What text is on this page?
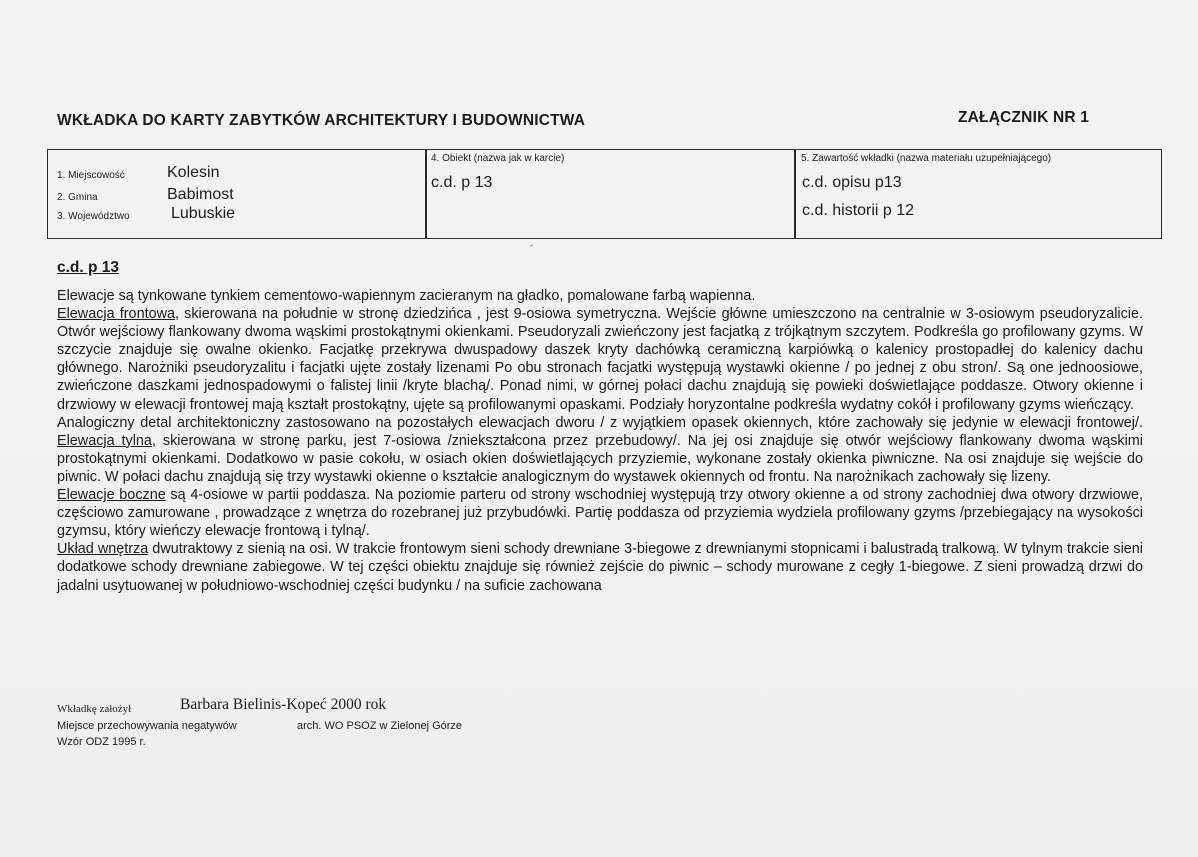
WKŁADKA DO KARTY ZABYTKÓW ARCHITEKTURY I BUDOWNICTWA	ZAŁĄCZNIK NR 1
1. Miejscowość	Kolesin
2. Gmina	Babimost
3. Województwo	Lubuskie
4. Obiekt (nazwa jak w karcie)
c.d. p 13
5. Zawartość wkładki (nazwa materiału uzupełniającego)
c.d. opisu p13
c.d. historii p 12
c.d. p 13

Elewacje są tynkowane tynkiem cementowo-wapiennym zacieranym na gładko, pomalowane farbą wapienna.

Elewacja frontowa, skierowana na południe w stronę dziedzińca , jest 9-osiowa symetryczna. Wejście główne umieszczono na centralnie w 3-osiowym pseudoryzalicie. Otwór wejściowy flankowany dwoma wąskimi prostokątnymi okienkami. Pseudoryzali zwieńczony jest facjatką z trójkątnym szczytem. Podkreśla go profilowany gzyms. W szczycie znajduje się owalne okienko. Facjatkę przekrywa dwuspadowy daszek kryty dachówką ceramiczną karpiówką o kalenicy prostopadłej do kalenicy dachu głównego. Narożniki pseudoryzalitu i facjatki ujęte zostały lizenami Po obu stronach facjatki występują wystawki okienne / po jednej z obu stron/. Są one jednoosiowe, zwieńczone daszkami jednospadowymi o falistej linii /kryte blachą/. Ponad nimi, w górnej połaci dachu znajdują się powieki doświetlające poddasze. Otwory okienne i drzwiowy w elewacji frontowej mają kształt prostokątny, ujęte są profilowanymi opaskami. Podziały horyzontalne podkreśla wydatny cokół i profilowany gzyms wieńczący.

Analogiczny detal architektoniczny zastosowano na pozostałych elewacjach dworu / z wyjątkiem opasek okiennych, które zachowały się jedynie w elewacji frontowej/. Elewacja tylna, skierowana w stronę parku, jest 7-osiowa /zniekształcona przez przebudowy/. Na jej osi znajduje się otwór wejściowy flankowany dwoma wąskimi prostokątnymi okienkami. Dodatkowo w pasie cokołu, w osiach okien doświetlających przyziemie, wykonane zostały okienka piwniczne. Na osi znajduje się wejście do piwnic. W połaci dachu znajdują się trzy wystawki okienne o kształcie analogicznym do wystawek okiennych od frontu. Na narożnikach zachowały się lizeny.

Elewacje boczne są 4-osiowe w partii poddasza. Na poziomie parteru od strony wschodniej występują trzy otwory okienne a od strony zachodniej dwa otwory drzwiowe, częściowo zamurowane , prowadzące z wnętrza do rozebranej już przybudówki. Partię poddasza od przyziemia wydziela profilowany gzyms /przebiegający na wysokości gzymsu, który wieńczy elewacje frontową i tylną/.

Układ wnętrza dwutraktowy z sienią na osi. W trakcie frontowym sieni schody drewniane 3-biegowe z drewnianymi stopnicami i balustradą tralkową. W tylnym trakcie sieni dodatkowe schody drewniane zabiegowe. W tej części obiektu znajduje się również zejście do piwnic – schody murowane z cegły 1-biegowe. Z sieni prowadzą drzwi do jadalni usytuowanej w południowo-wschodniej części budynku / na suficie zachowana

Wkładkę założył	Barbara Bielinis-Kopeć 2000 rok
Miejsce przechowywania negatywów	arch. WO PSOZ w Zielonej Górze
Wzór ODZ 1995 r.
